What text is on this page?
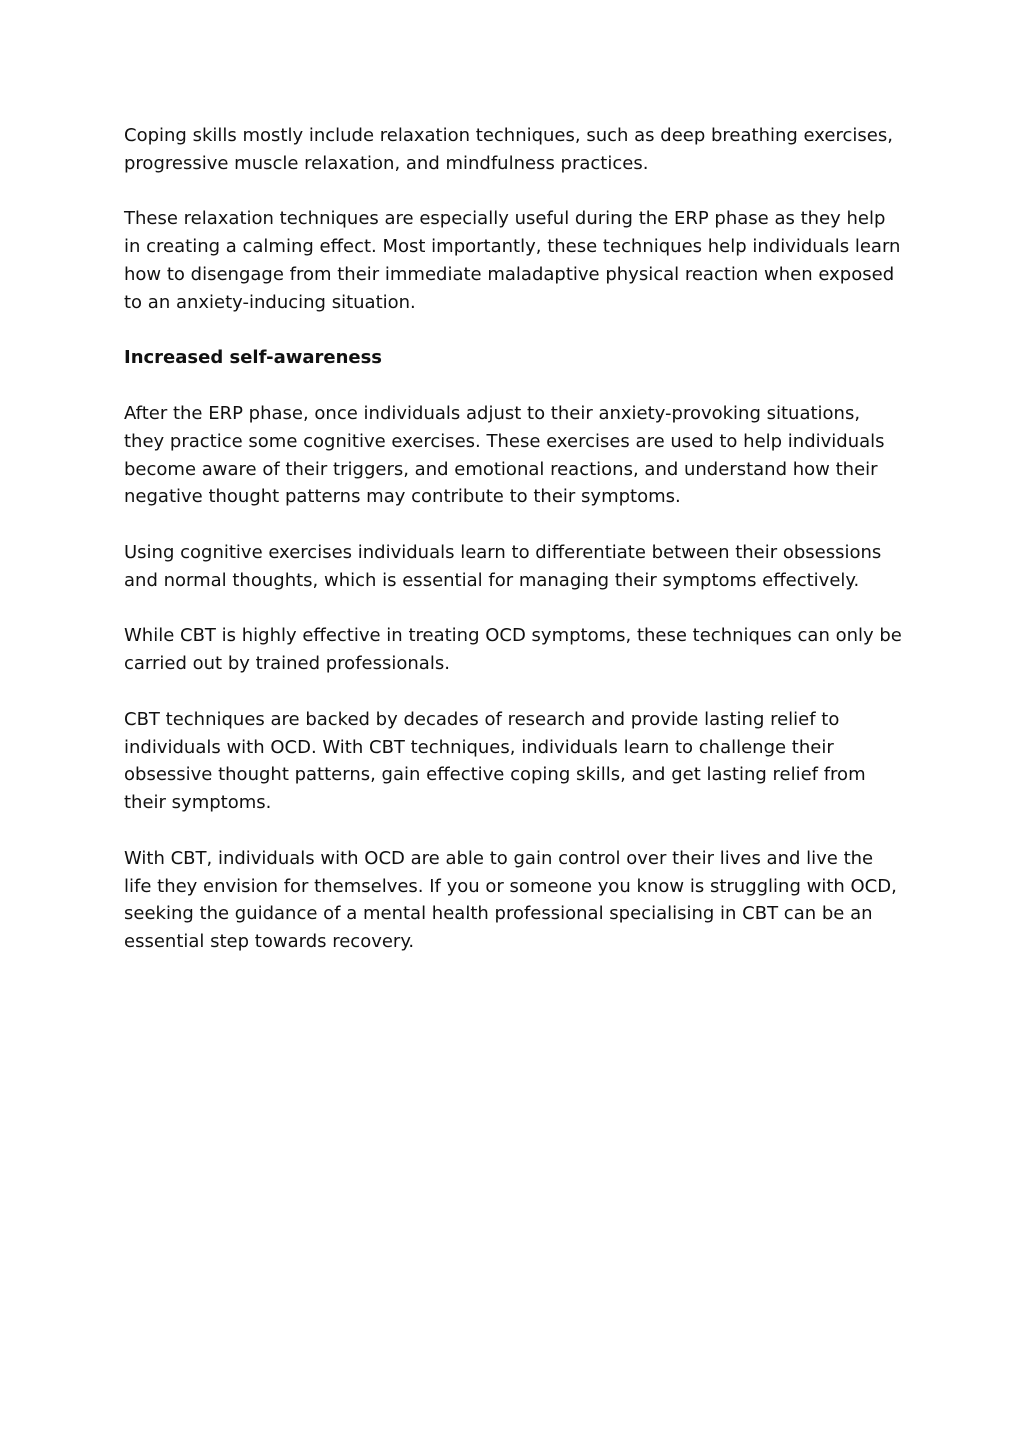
Coping skills mostly include relaxation techniques, such as deep breathing exercises, progressive muscle relaxation, and mindfulness practices.

These relaxation techniques are especially useful during the ERP phase as they help in creating a calming effect. Most importantly, these techniques help individuals learn how to disengage from their immediate maladaptive physical reaction when exposed to an anxiety-inducing situation.

Increased self-awareness

After the ERP phase, once individuals adjust to their anxiety-provoking situations, they practice some cognitive exercises. These exercises are used to help individuals become aware of their triggers, and emotional reactions, and understand how their negative thought patterns may contribute to their symptoms.

Using cognitive exercises individuals learn to differentiate between their obsessions and normal thoughts, which is essential for managing their symptoms effectively.

While CBT is highly effective in treating OCD symptoms, these techniques can only be carried out by trained professionals.

CBT techniques are backed by decades of research and provide lasting relief to individuals with OCD. With CBT techniques, individuals learn to challenge their obsessive thought patterns, gain effective coping skills, and get lasting relief from their symptoms.

With CBT, individuals with OCD are able to gain control over their lives and live the life they envision for themselves. If you or someone you know is struggling with OCD, seeking the guidance of a mental health professional specialising in CBT can be an essential step towards recovery.
